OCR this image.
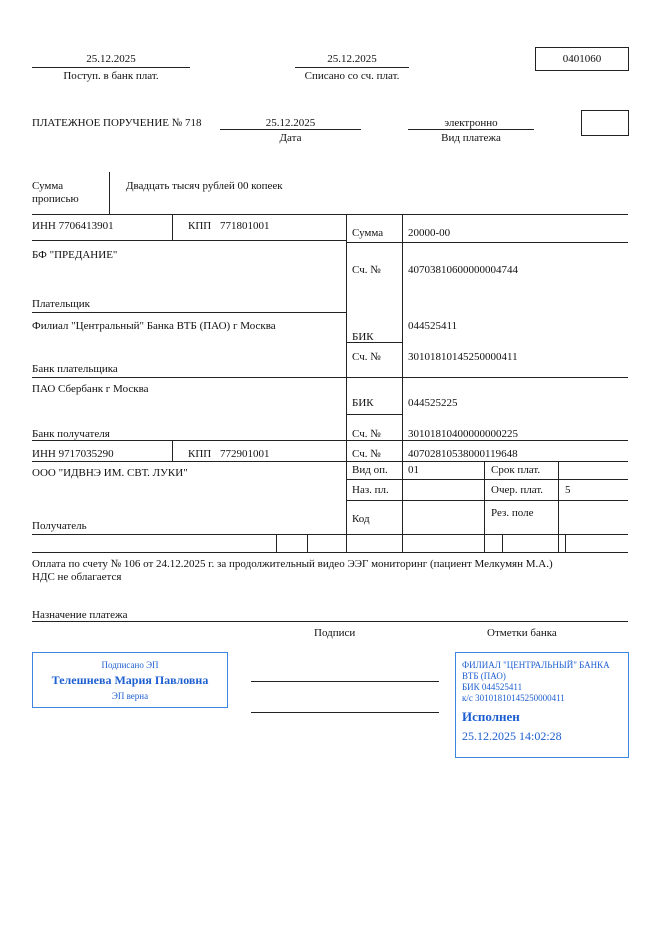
25.12.2025
Поступ. в банк плат.
25.12.2025
Списано со сч. плат.
0401060
ПЛАТЕЖНОЕ ПОРУЧЕНИЕ № 718	25.12.2025
Дата
электронно
Вид платежа
Сумма
прописью
Двадцать тысяч рублей 00 копеек
ИНН 7706413901	КПП 771801001
Сумма 20000-00
БФ "ПРЕДАНИЕ"
Плательщик
Сч. № 40703810600000004744
Филиал "Центральный" Банка ВТБ (ПАО) г Москва
Банк плательщика
БИК
044525411
Сч. № 30101810145250000411
ПАО Сбербанк г Москва
Банк получателя
БИК	044525225
Сч. № 30101810400000000225
ИНН 9717035290	КПП 772901001	Сч. № 40702810538000119648
ООО "ИДВНЭ ИМ. СВТ. ЛУКИ"
Получатель
Вид оп. 01	Срок плат.
Наз. пл.	Очер. плат. 5
Код	Рез. поле
Оплата по счету № 106 от 24.12.2025 г. за продолжительный видео ЭЭГ мониторинг (пациент Мелкумян М.А.)
НДС не облагается
Назначение платежа
Подписи	Отметки банка
Подписано ЭП
Телешнева Мария Павловна
ЭП верна
ФИЛИАЛ "ЦЕНТРАЛЬНЫЙ" БАНКА
ВТБ (ПАО)
БИК 044525411
к/с 30101810145250000411
Исполнен
25.12.2025 14:02:28
